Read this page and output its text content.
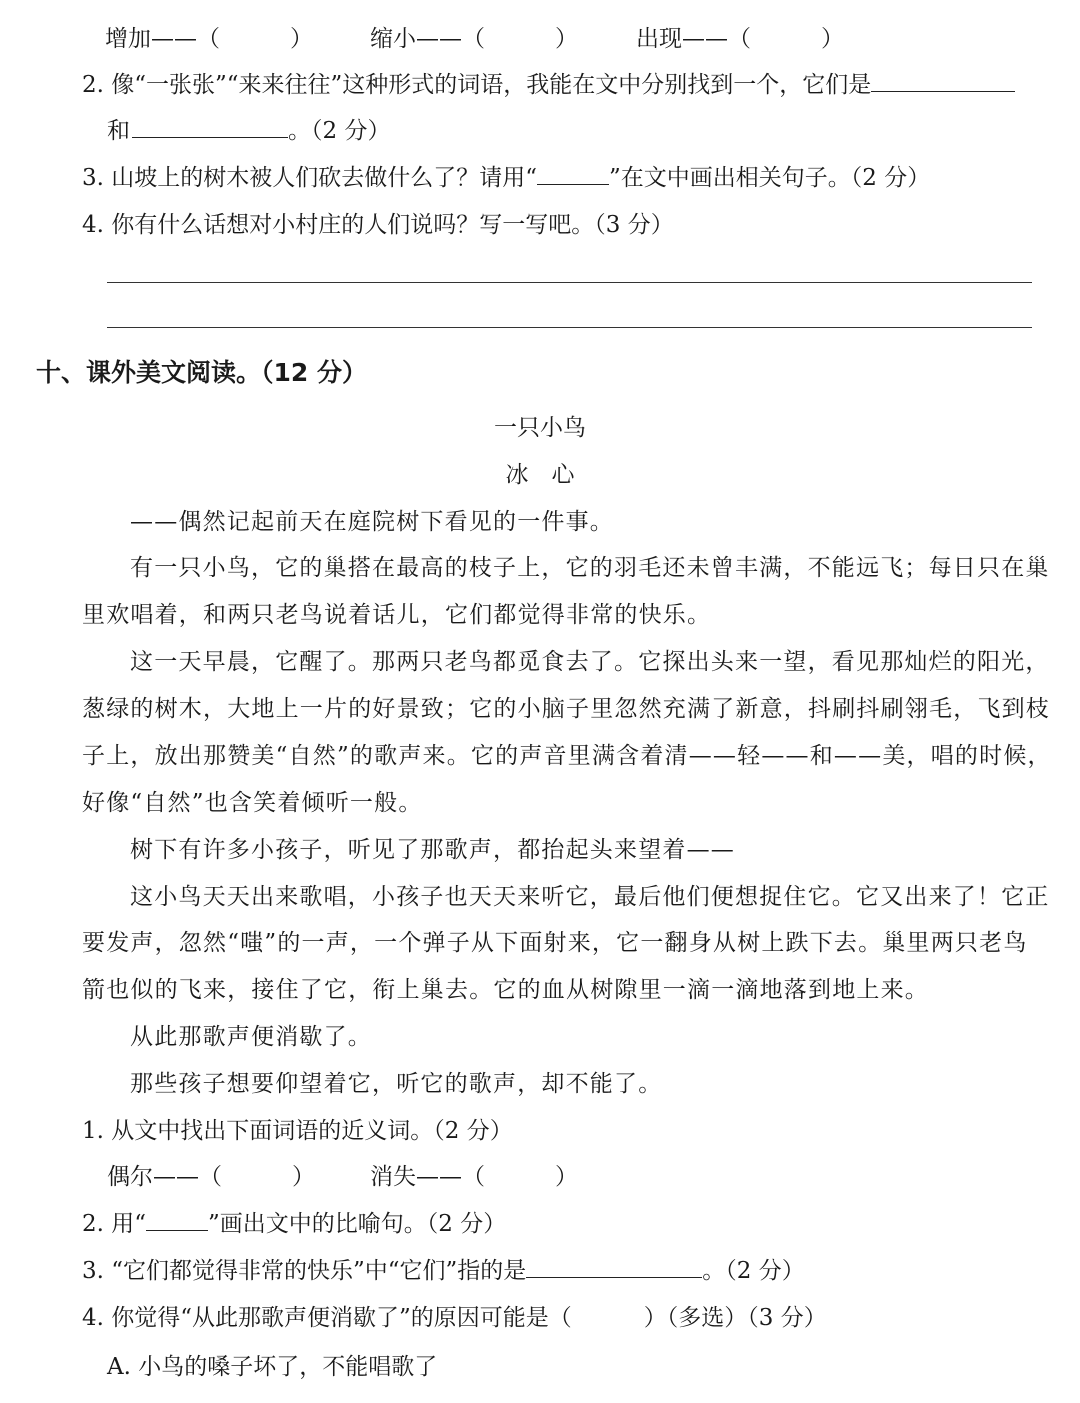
增加——（	） 缩小——（	）	出现——（	）
2. 像“一张张”“来来往往”这种形式的词语，我能在文中分别找到一个，它们是
和	。（2 分）
3. 山坡上的树木被人们砍去做什么了？请用“	”在文中画出相关句子。（2 分）
4. 你有什么话想对小村庄的人们说吗？写一写吧。（3 分）
十、课外美文阅读。（12 分）
一只小鸟
冰　心
——偶然记起前天在庭院树下看见的一件事。
有一只小鸟，它的巢搭在最高的枝子上，它的羽毛还未曾丰满，不能远飞；每日只在巢
里欢唱着，和两只老鸟说着话儿，它们都觉得非常的快乐。
这一天早晨，它醒了。那两只老鸟都觅食去了。它探出头来一望，看见那灿烂的阳光，
葱绿的树木，大地上一片的好景致；它的小脑子里忽然充满了新意，抖刷抖刷翎毛，飞到枝
子上，放出那赞美“自然”的歌声来。它的声音里满含着清——轻——和——美，唱的时候，
好像“自然”也含笑着倾听一般。
树下有许多小孩子，听见了那歌声，都抬起头来望着——
这小鸟天天出来歌唱，小孩子也天天来听它，最后他们便想捉住它。它又出来了！它正
要发声，忽然“嗤”的一声，一个弹子从下面射来，它一翻身从树上跌下去。巢里两只老鸟
箭也似的飞来，接住了它，衔上巢去。它的血从树隙里一滴一滴地落到地上来。
从此那歌声便消歇了。
那些孩子想要仰望着它，听它的歌声，却不能了。
1. 从文中找出下面词语的近义词。（2 分）
偶尔——（	） 消失——（	）
2. 用“	”画出文中的比喻句。（2 分）
3. “它们都觉得非常的快乐”中“它们”指的是	。（2 分）
4. 你觉得“从此那歌声便消歇了”的原因可能是（	）（多选）（3 分）
A. 小鸟的嗓子坏了，不能唱歌了
